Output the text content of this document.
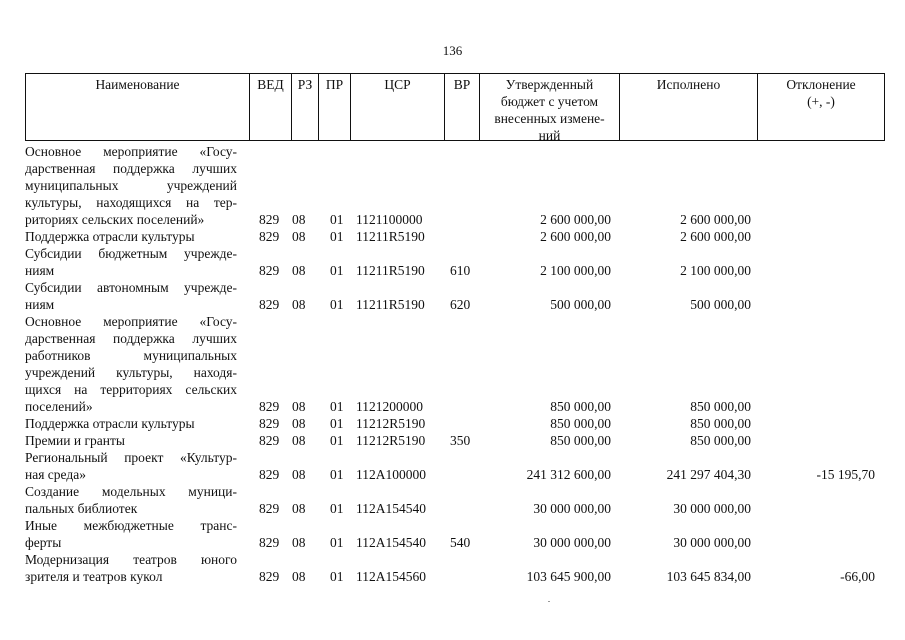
136
Наименование	ВЕД	РЗ	ПР	ЦСР	ВР	Утвержденный
бюджет с учетом
внесенных измене-
ний
Исполнено	Отклонение
(+, -)
Основное мероприятие «Госу-
дарственная поддержка лучших
муниципальных учреждений
культуры, находящихся на тер-
риториях сельских поселений»	829 08 01 1121100000	2 600 000,00	2 600 000,00
Поддержка отрасли культуры	829 08 01 11211R5190	2 600 000,00	2 600 000,00
Субсидии бюджетным учрежде-
ниям	829 08 01 11211R5190 610	2 100 000,00	2 100 000,00
Субсидии автономным учрежде-
ниям	829 08 01 11211R5190 620	500 000,00	500 000,00
Основное мероприятие «Госу-
дарственная поддержка лучших
работников муниципальных
учреждений культуры, находя-
щихся на территориях сельских
поселений»	829 08 01 1121200000	850 000,00	850 000,00
Поддержка отрасли культуры	829 08 01 11212R5190	850 000,00	850 000,00
Премии и гранты	829 08 01 11212R5190 350	850 000,00	850 000,00
Региональный проект «Культур-
ная среда»	829 08 01 112A100000	241 312 600,00	241 297 404,30	-15 195,70
Создание модельных муници-
пальных библиотек	829 08 01 112A154540	30 000 000,00	30 000 000,00
Иные межбюджетные транс-
ферты	829 08 01 112A154540 540	30 000 000,00	30 000 000,00
Модернизация театров юного
зрителя и театров кукол	829 08 01 112A154560	103 645 900,00	103 645 834,00	-66,00
